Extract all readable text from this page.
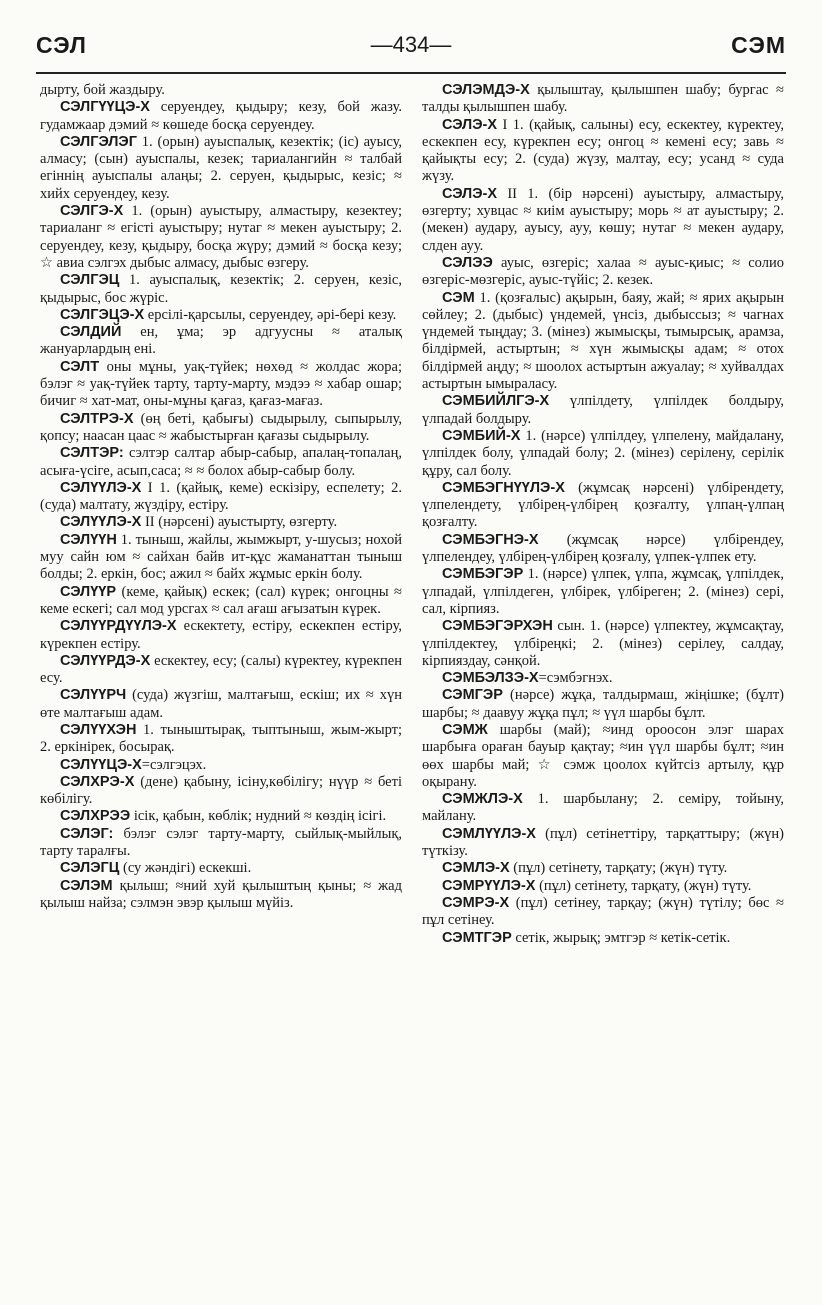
СЭЛ	—434—	СЭМ

дырту, бой жаздыру.

СЭЛГҮҮЦЭ-Х серуендеу, қыдыру; кезу, бой жазу. гудамжаар дэмий ≈ көшеде босқа серуендеу.

СЭЛГЭЛЭГ 1. (орын) ауыспалық, кезектік; (іс) ауысу, алмасу; (сын) ауыспалы, кезек; тариалангийн ≈ талбай егіннің ауыспалы алаңы; 2. серуен, қыдырыс, кезіс; ≈ хийх серуендеу, кезу.

СЭЛГЭ-Х 1. (орын) ауыстыру, алмастыру, кезектеу; тариаланг ≈ егісті ауыстыру; нутаг ≈ мекен ауыстыру; 2. серуендеу, кезу, қыдыру, босқа жүру; дэмий ≈ босқа кезу; ☆ авиа сэлгэх дыбыс алмасу, дыбыс өзгеру.

СЭЛГЭЦ 1. ауыспалық, кезектік; 2. серуен, кезіс, қыдырыс, бос жүріс.

СЭЛГЭЦЭ-Х ерсілі-қарсылы, серуендеу, әрі-бері кезу.

СЭЛДИЙ ен, ұма; эр адгуусны ≈ аталық жануарлардың ені.

СЭЛТ оны мұны, уақ-түйек; нөхөд ≈ жолдас жора; бэлэг ≈ уақ-түйек тарту, тарту-марту, мэдээ ≈ хабар ошар; бичиг ≈ хат-мат, оны-мұны қағаз, қағаз-мағаз.

СЭЛТРЭ-Х (өң беті, қабығы) сыдырылу, сыпырылу, қопсу; наасан цаас ≈ жабыстырған қағазы сыдырылу.

СЭЛТЭР: сэлтэр салтар абыр-сабыр, апалаң-топалаң, асыға-үсіге, асып,саса; ≈ ≈ болох абыр-сабыр болу.

СЭЛҮҮЛЭ-Х I 1. (қайық, кеме) ескізіру, еспелету; 2. (суда) малтату, жүздіру, естіру.

СЭЛҮҮЛЭ-Х II (нәрсені) ауыстырту, өзгерту.

СЭЛҮҮН 1. тыныш, жайлы, жымжырт, у-шусыз; нохой муу сайн юм ≈ сайхан байв ит-құс жаманаттан тыныш болды; 2. еркін, бос; ажил ≈ байх жұмыс еркін болу.

СЭЛҮҮР (кеме, қайық) ескек; (сал) күрек; онгоцны ≈ кеме ескегі; сал мод урсгах ≈ сал ағаш ағызатын күрек.

СЭЛҮҮРДҮҮЛЭ-Х ескектету, естіру, ескекпен естіру, күрекпен естіру.

СЭЛҮҮРДЭ-Х ескектеу, есу; (салы) күректеу, күрекпен есу.

СЭЛҮҮРЧ (суда) жүзгіш, малтағыш, ескіш; их ≈ хүн өте малтағыш адам.

СЭЛҮҮХЭН 1. тыныштырақ, тыптыныш, жым-жырт; 2. еркінірек, босырақ.

СЭЛҮҮЦЭ-Х=сэлгэцэх.

СЭЛХРЭ-Х (дене) қабыну, ісіну,көбілігу; нүүр ≈ беті көбілігу.

СЭЛХРЭЭ ісік, қабын, көблік; нудний ≈ көздің ісігі.

СЭЛЭГ: бэлэг сэлэг тарту-марту, сыйлық-мыйлық, тарту таралғы.

СЭЛЭГЦ (су жәндігі) ескекші.

СЭЛЭМ қылыш; ≈ний хуй қылыштың қыны; ≈ жад қылыш найза; сэлмэн эвэр қылыш мүйіз.

СЭЛЭМДЭ-Х қылыштау, қылышпен шабу; бургас ≈ талды қылышпен шабу.

СЭЛЭ-Х I 1. (қайық, салыны) есу, ескектеу, күректеу, ескекпен есу, күрекпен есу; онгоц ≈ кемені есу; завь ≈ қайықты есу; 2. (суда) жүзу, малтау, есу; усанд ≈ суда жүзу.

СЭЛЭ-Х II 1. (бір нәрсені) ауыстыру, алмастыру, өзгерту; хувцас ≈ киім ауыстыру; морь ≈ ат ауыстыру; 2. (мекен) аудару, ауысу, ауу, көшу; нутаг ≈ мекен аудару, слден ауу.

СЭЛЭЭ ауыс, өзгеріс; халаа ≈ ауыс-қиыс; ≈ солио өзгеріс-мөзгеріс, ауыс-түйіс; 2. кезек.

СЭМ 1. (қозғалыс) ақырын, баяу, жай; ≈ ярих ақырын сөйлеу; 2. (дыбыс) үндемей, үнсіз, дыбыссыз; ≈ чагнах үндемей тыңдау; 3. (мінез) жымысқы, тымырсық, арамза, білдірмей, астыртын; ≈ хүн жымысқы адам; ≈ отох білдірмей аңду; ≈ шоолох астыртын ажуалау; ≈ хуйвалдах астыртын ымыраласу.

СЭМБИЙЛГЭ-Х үлпілдету, үлпілдек болдыру, үлпадай болдыру.

СЭМБИЙ-Х 1. (нәрсе) үлпілдеу, үлпелену, майдалану, үлпілдек болу, үлпадай болу; 2. (мінез) серілену, серілік құру, сал болу.

СЭМБЭГНҮҮЛЭ-Х (жұмсақ нәрсені) үлбірендету, үлпелендету, үлбірең-үлбірең қозғалту, үлпаң-үлпаң қозғалту.

СЭМБЭГНЭ-Х (жұмсақ нәрсе) үлбірендеу, үлпелендеу, үлбірең-үлбірең қозғалу, үлпек-үлпек ету.

СЭМБЭГЭР 1. (нәрсе) үлпек, үлпа, жұмсақ, үлпілдек, үлпадай, үлпілдеген, үлбірек, үлбіреген; 2. (мінез) сері, сал, кірпияз.

СЭМБЭГЭРХЭН сын. 1. (нәрсе) үлпектеу, жұмсақтау, үлпілдектеу, үлбіреңкі; 2. (мінез) серілеу, салдау, кірпияздау, сәнқой.

СЭМБЭЛЗЭ-Х=сэмбэгнэх.

СЭМГЭР (нәрсе) жұқа, талдырмаш, жіңішке; (бұлт) шарбы; ≈ даавуу жұқа пұл; ≈ үүл шарбы бұлт.

СЭМЖ шарбы (май); ≈инд ороосон элэг шарах шарбыға ораған бауыр қақтау; ≈ин үүл шарбы бұлт; ≈ин өөх шарбы май; ☆ сэмж цоолох күйтсіз артылу, құр оқырану.

СЭМЖЛЭ-Х 1. шарбылану; 2. семіру, тойыну, майлану.

СЭМЛҮҮЛЭ-Х (пұл) сетінеттіру, тарқаттыру; (жүн) түткізу.

СЭМЛЭ-Х (пұл) сетінету, тарқату; (жүн) түту.

СЭМРҮҮЛЭ-Х (пұл) сетінету, тарқату, (жүн) түту.

СЭМРЭ-Х (пұл) сетінеу, тарқау; (жүн) түтілу; бөс ≈ пұл сетінеу.

СЭМТГЭР сетік, жырық; эмтгэр ≈ кетік-сетік.
